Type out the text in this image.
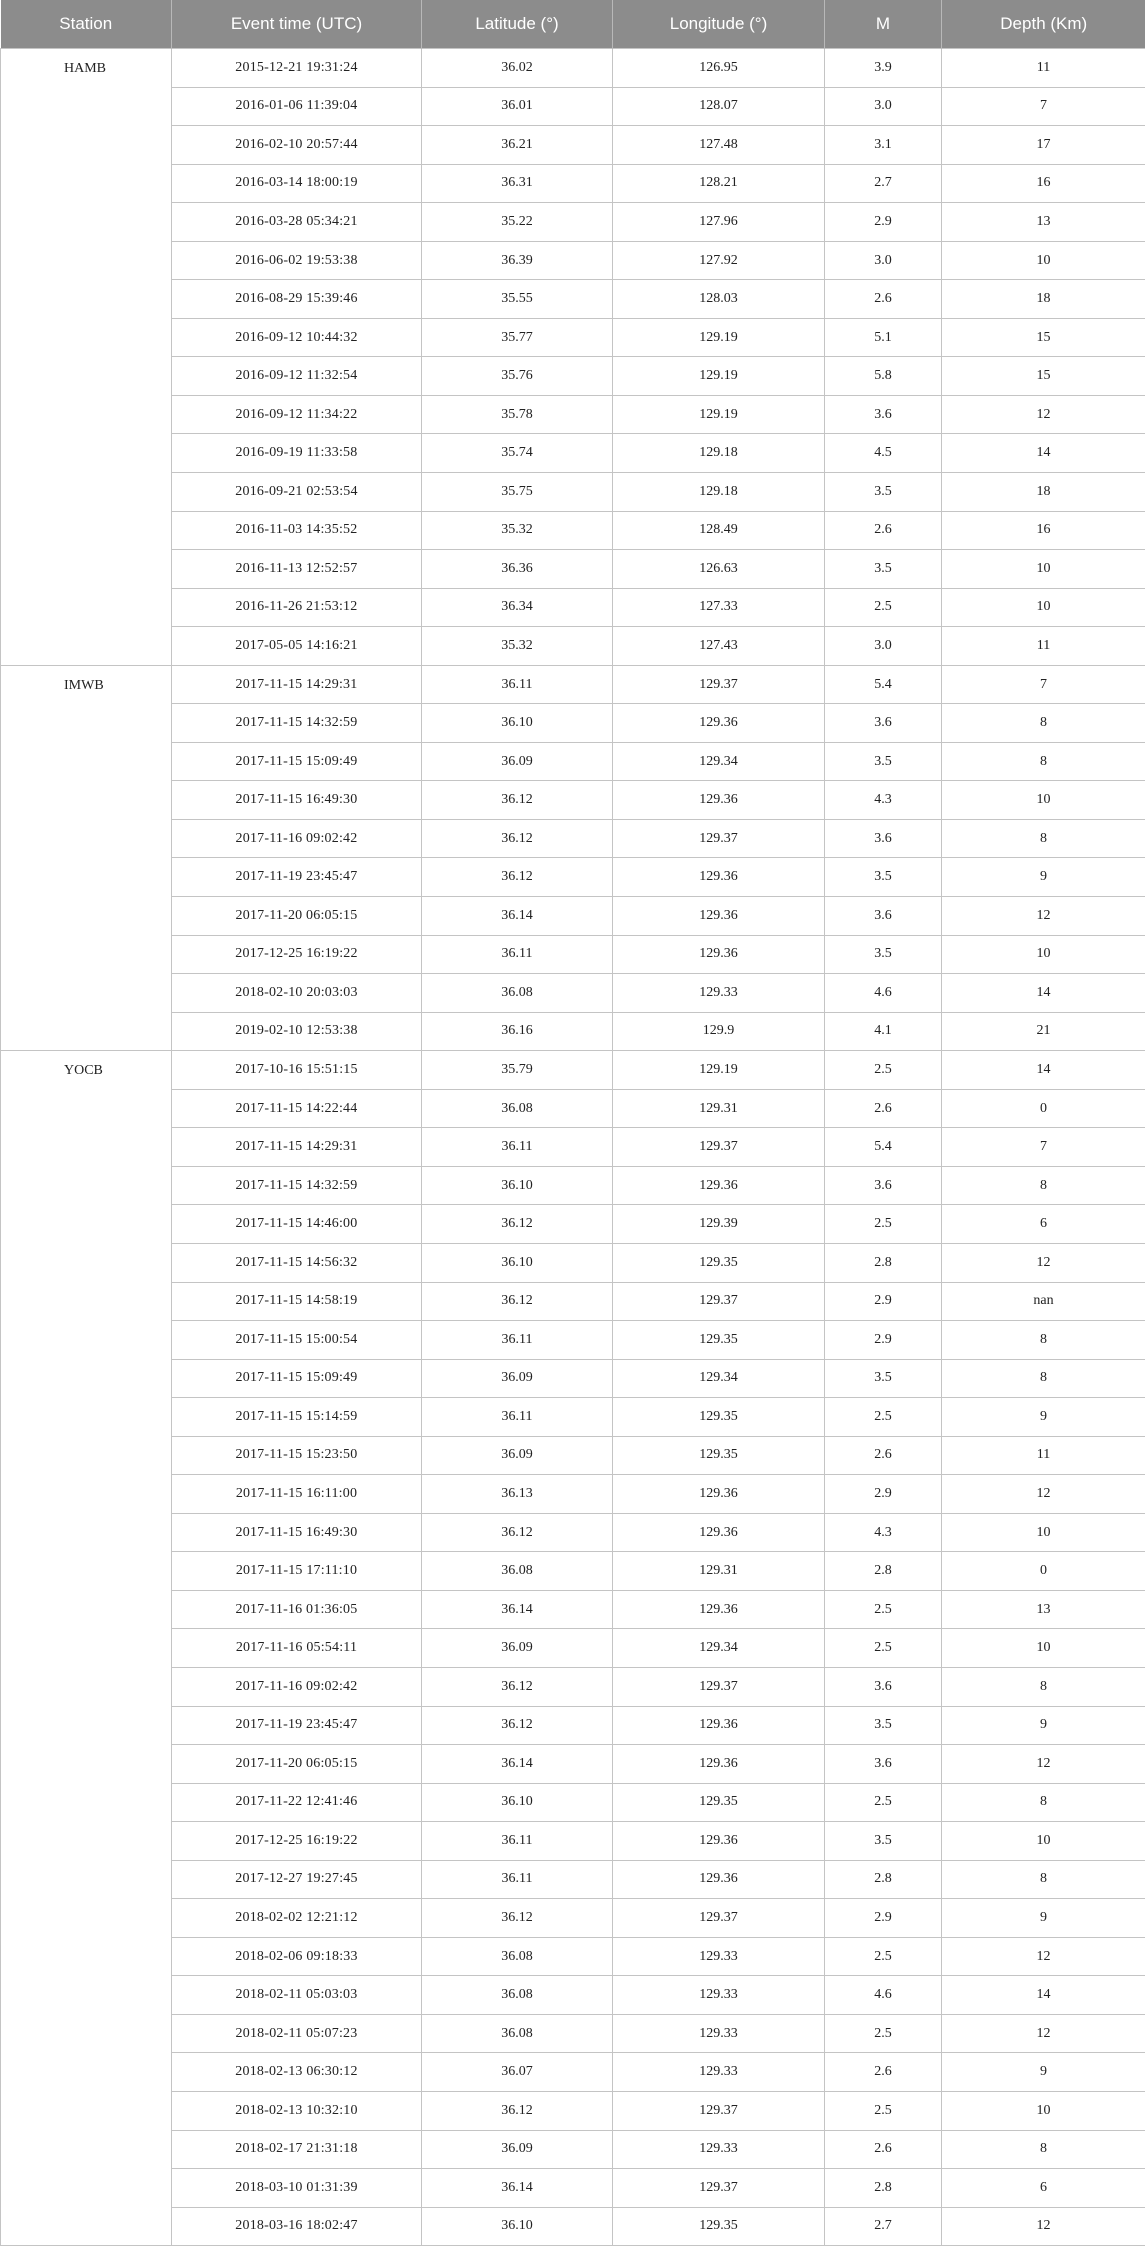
Station	Event time (UTC)	Latitude (°)	Longitude (°)	M	Depth (Km)
HAMB	2015-12-21 19:31:24	36.02	126.95	3.9	11
	2016-01-06 11:39:04	36.01	128.07	3.0	7
	2016-02-10 20:57:44	36.21	127.48	3.1	17
	2016-03-14 18:00:19	36.31	128.21	2.7	16
	2016-03-28 05:34:21	35.22	127.96	2.9	13
	2016-06-02 19:53:38	36.39	127.92	3.0	10
	2016-08-29 15:39:46	35.55	128.03	2.6	18
	2016-09-12 10:44:32	35.77	129.19	5.1	15
	2016-09-12 11:32:54	35.76	129.19	5.8	15
	2016-09-12 11:34:22	35.78	129.19	3.6	12
	2016-09-19 11:33:58	35.74	129.18	4.5	14
	2016-09-21 02:53:54	35.75	129.18	3.5	18
	2016-11-03 14:35:52	35.32	128.49	2.6	16
	2016-11-13 12:52:57	36.36	126.63	3.5	10
	2016-11-26 21:53:12	36.34	127.33	2.5	10
	2017-05-05 14:16:21	35.32	127.43	3.0	11
IMWB	2017-11-15 14:29:31	36.11	129.37	5.4	7
	2017-11-15 14:32:59	36.10	129.36	3.6	8
	2017-11-15 15:09:49	36.09	129.34	3.5	8
	2017-11-15 16:49:30	36.12	129.36	4.3	10
	2017-11-16 09:02:42	36.12	129.37	3.6	8
	2017-11-19 23:45:47	36.12	129.36	3.5	9
	2017-11-20 06:05:15	36.14	129.36	3.6	12
	2017-12-25 16:19:22	36.11	129.36	3.5	10
	2018-02-10 20:03:03	36.08	129.33	4.6	14
	2019-02-10 12:53:38	36.16	129.9	4.1	21
YOCB	2017-10-16 15:51:15	35.79	129.19	2.5	14
	2017-11-15 14:22:44	36.08	129.31	2.6	0
	2017-11-15 14:29:31	36.11	129.37	5.4	7
	2017-11-15 14:32:59	36.10	129.36	3.6	8
	2017-11-15 14:46:00	36.12	129.39	2.5	6
	2017-11-15 14:56:32	36.10	129.35	2.8	12
	2017-11-15 14:58:19	36.12	129.37	2.9	nan
	2017-11-15 15:00:54	36.11	129.35	2.9	8
	2017-11-15 15:09:49	36.09	129.34	3.5	8
	2017-11-15 15:14:59	36.11	129.35	2.5	9
	2017-11-15 15:23:50	36.09	129.35	2.6	11
	2017-11-15 16:11:00	36.13	129.36	2.9	12
	2017-11-15 16:49:30	36.12	129.36	4.3	10
	2017-11-15 17:11:10	36.08	129.31	2.8	0
	2017-11-16 01:36:05	36.14	129.36	2.5	13
	2017-11-16 05:54:11	36.09	129.34	2.5	10
	2017-11-16 09:02:42	36.12	129.37	3.6	8
	2017-11-19 23:45:47	36.12	129.36	3.5	9
	2017-11-20 06:05:15	36.14	129.36	3.6	12
	2017-11-22 12:41:46	36.10	129.35	2.5	8
	2017-12-25 16:19:22	36.11	129.36	3.5	10
	2017-12-27 19:27:45	36.11	129.36	2.8	8
	2018-02-02 12:21:12	36.12	129.37	2.9	9
	2018-02-06 09:18:33	36.08	129.33	2.5	12
	2018-02-11 05:03:03	36.08	129.33	4.6	14
	2018-02-11 05:07:23	36.08	129.33	2.5	12
	2018-02-13 06:30:12	36.07	129.33	2.6	9
	2018-02-13 10:32:10	36.12	129.37	2.5	10
	2018-02-17 21:31:18	36.09	129.33	2.6	8
	2018-03-10 01:31:39	36.14	129.37	2.8	6
	2018-03-16 18:02:47	36.10	129.35	2.7	12
